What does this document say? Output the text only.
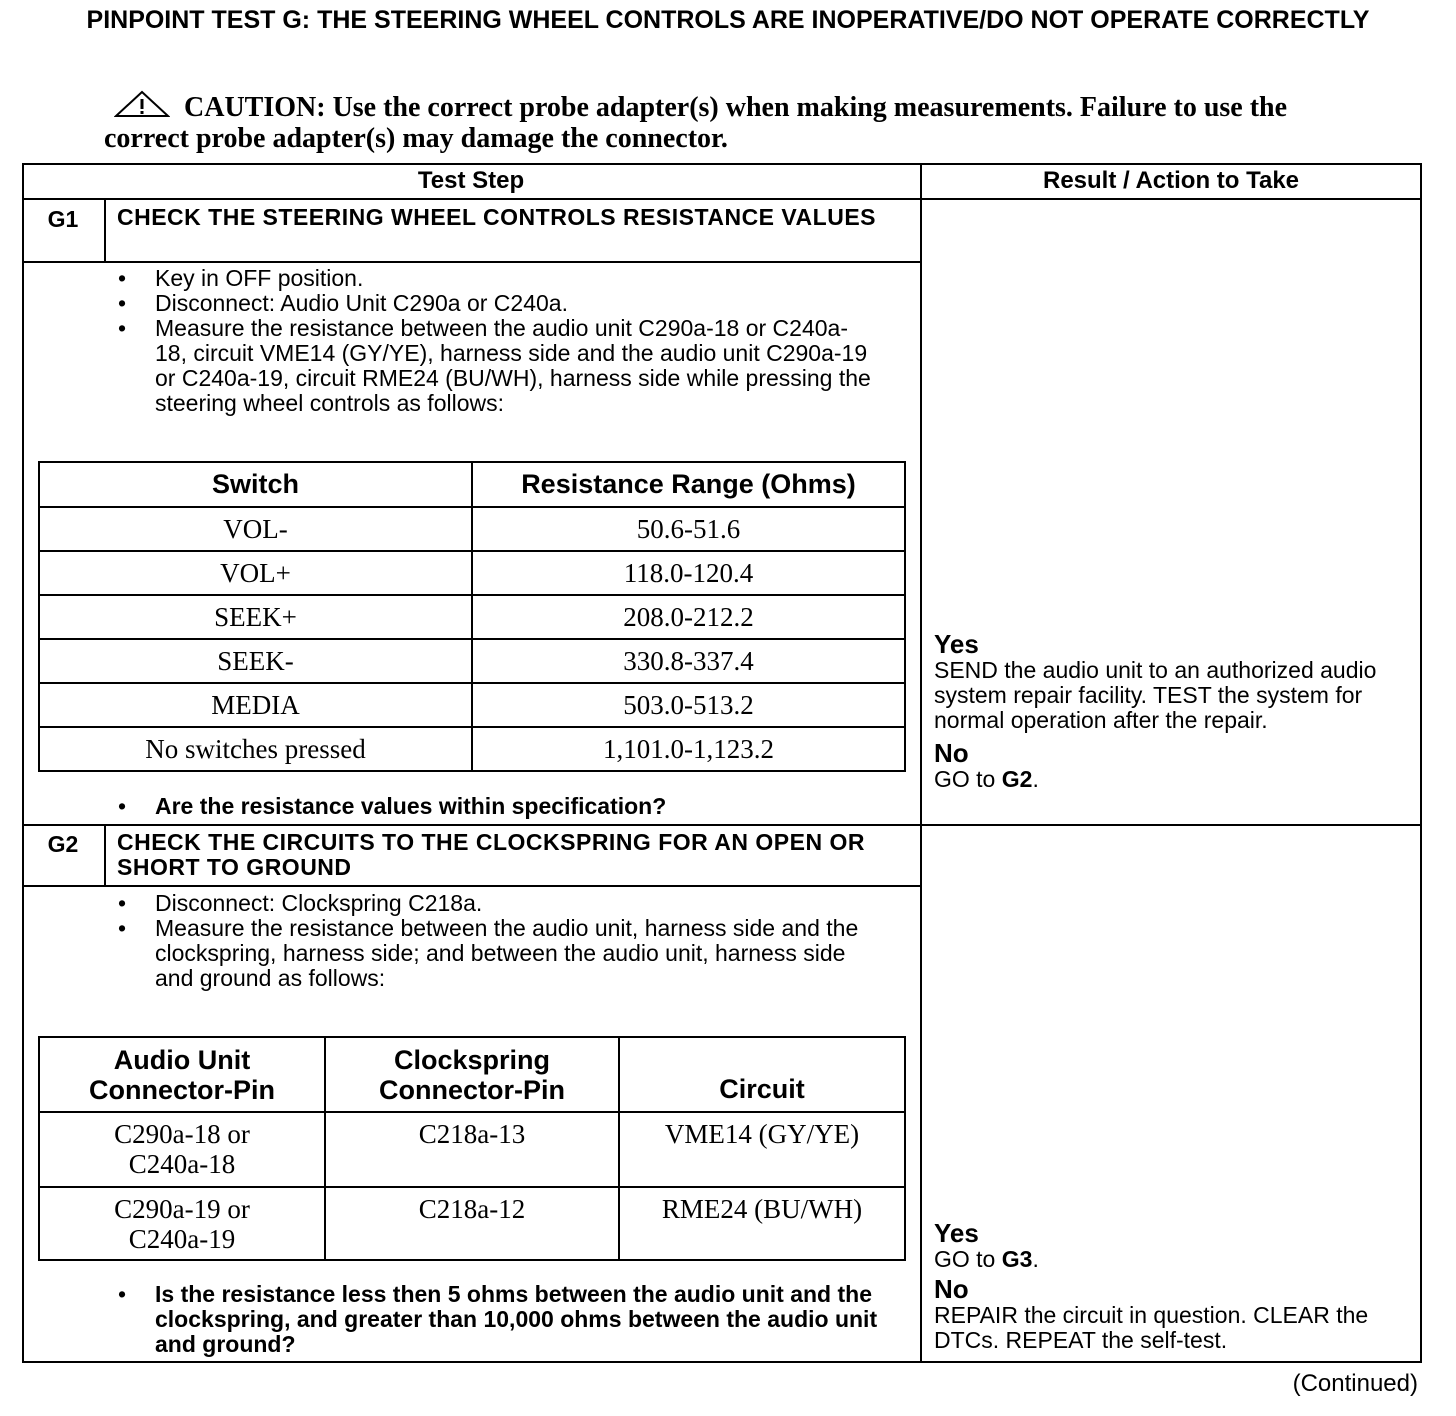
PINPOINT TEST G: THE STEERING WHEEL CONTROLS ARE INOPERATIVE/DO NOT OPERATE CORRECTLY
CAUTION: Use the correct probe adapter(s) when making measurements. Failure to use the correct probe adapter(s) may damage the connector.
Test Step	Result / Action to Take
G1	CHECK THE STEERING WHEEL CONTROLS RESISTANCE VALUES
• Key in OFF position.
• Disconnect: Audio Unit C290a or C240a.
• Measure the resistance between the audio unit C290a-18 or C240a-18, circuit VME14 (GY/YE), harness side and the audio unit C290a-19 or C240a-19, circuit RME24 (BU/WH), harness side while pressing the steering wheel controls as follows:
Switch	Resistance Range (Ohms)
VOL-	50.6-51.6
VOL+	118.0-120.4
SEEK+	208.0-212.2
SEEK-	330.8-337.4
MEDIA	503.0-513.2
No switches pressed	1,101.0-1,123.2
• Are the resistance values within specification?
Yes
SEND the audio unit to an authorized audio system repair facility. TEST the system for normal operation after the repair.
No
GO to G2.
G2	CHECK THE CIRCUITS TO THE CLOCKSPRING FOR AN OPEN OR SHORT TO GROUND
• Disconnect: Clockspring C218a.
• Measure the resistance between the audio unit, harness side and the clockspring, harness side; and between the audio unit, harness side and ground as follows:
Audio Unit Connector-Pin	Clockspring Connector-Pin	Circuit
C290a-18 or C240a-18	C218a-13	VME14 (GY/YE)
C290a-19 or C240a-19	C218a-12	RME24 (BU/WH)
• Is the resistance less then 5 ohms between the audio unit and the clockspring, and greater than 10,000 ohms between the audio unit and ground?
Yes
GO to G3.
No
REPAIR the circuit in question. CLEAR the DTCs. REPEAT the self-test.
(Continued)
